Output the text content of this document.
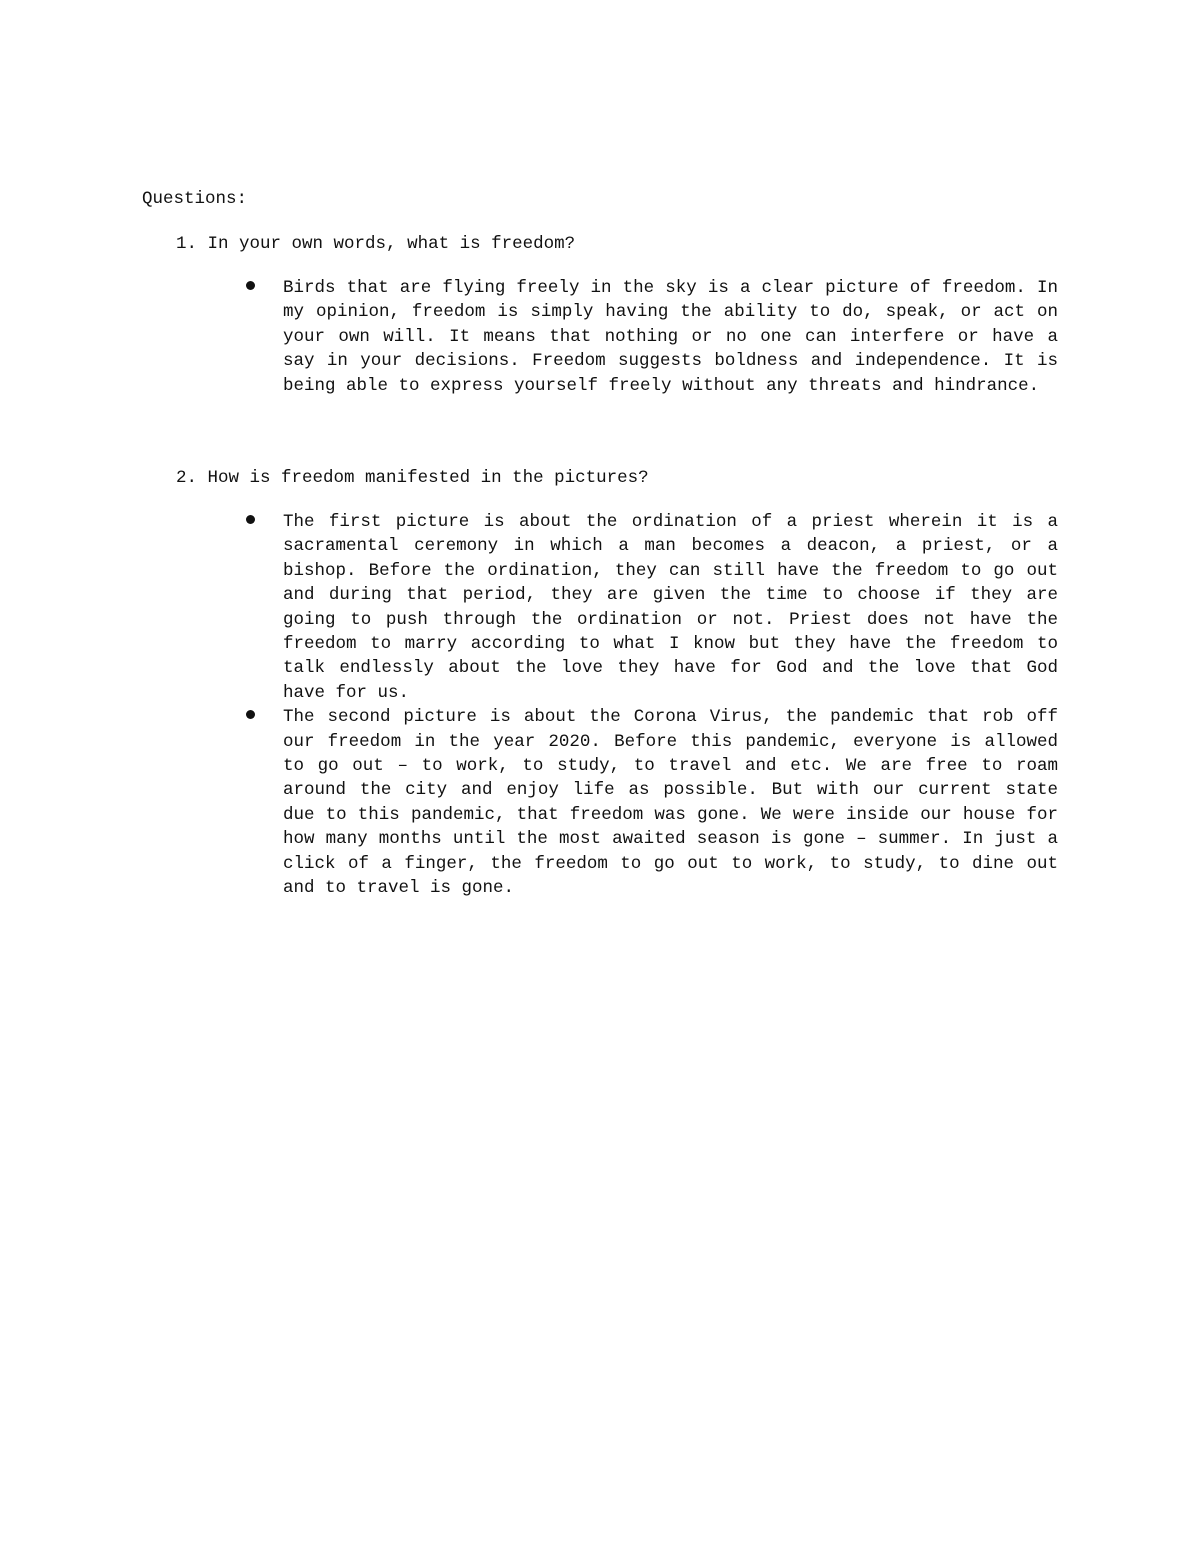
Questions:
1. In your own words, what is freedom?
Birds that are flying freely in the sky is a clear picture of freedom. In my opinion, freedom is simply having the ability to do, speak, or act on your own will. It means that nothing or no one can interfere or have a say in your decisions. Freedom suggests boldness and independence. It is being able to express yourself freely without any threats and hindrance.
2. How is freedom manifested in the pictures?
The first picture is about the ordination of a priest wherein it is a sacramental ceremony in which a man becomes a deacon, a priest, or a bishop. Before the ordination, they can still have the freedom to go out and during that period, they are given the time to choose if they are going to push through the ordination or not. Priest does not have the freedom to marry according to what I know but they have the freedom to talk endlessly about the love they have for God and the love that God have for us.
The second picture is about the Corona Virus, the pandemic that rob off our freedom in the year 2020. Before this pandemic, everyone is allowed to go out – to work, to study, to travel and etc. We are free to roam around the city and enjoy life as possible. But with our current state due to this pandemic, that freedom was gone. We were inside our house for how many months until the most awaited season is gone – summer. In just a click of a finger, the freedom to go out to work, to study, to dine out and to travel is gone.
